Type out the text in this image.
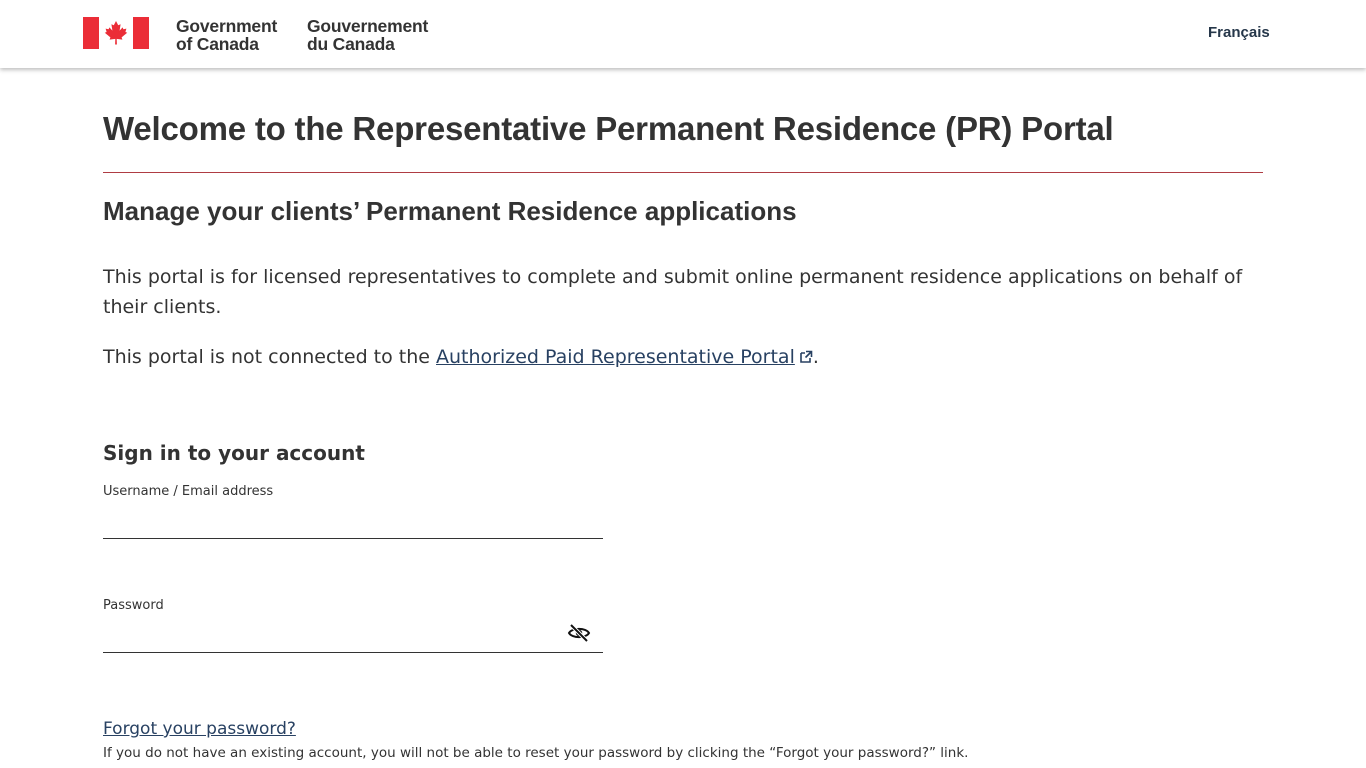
Government
of Canada
Gouvernement
du Canada
Français
Welcome to the Representative Permanent Residence (PR) Portal
Manage your clients’ Permanent Residence applications

This portal is for licensed representatives to complete and submit online permanent residence applications on behalf of their clients.

This portal is not connected to the Authorized Paid Representative Portal .

Sign in to your account
Username / Email address
Password
Forgot your password?

If you do not have an existing account, you will not be able to reset your password by clicking the “Forgot your password?” link.
